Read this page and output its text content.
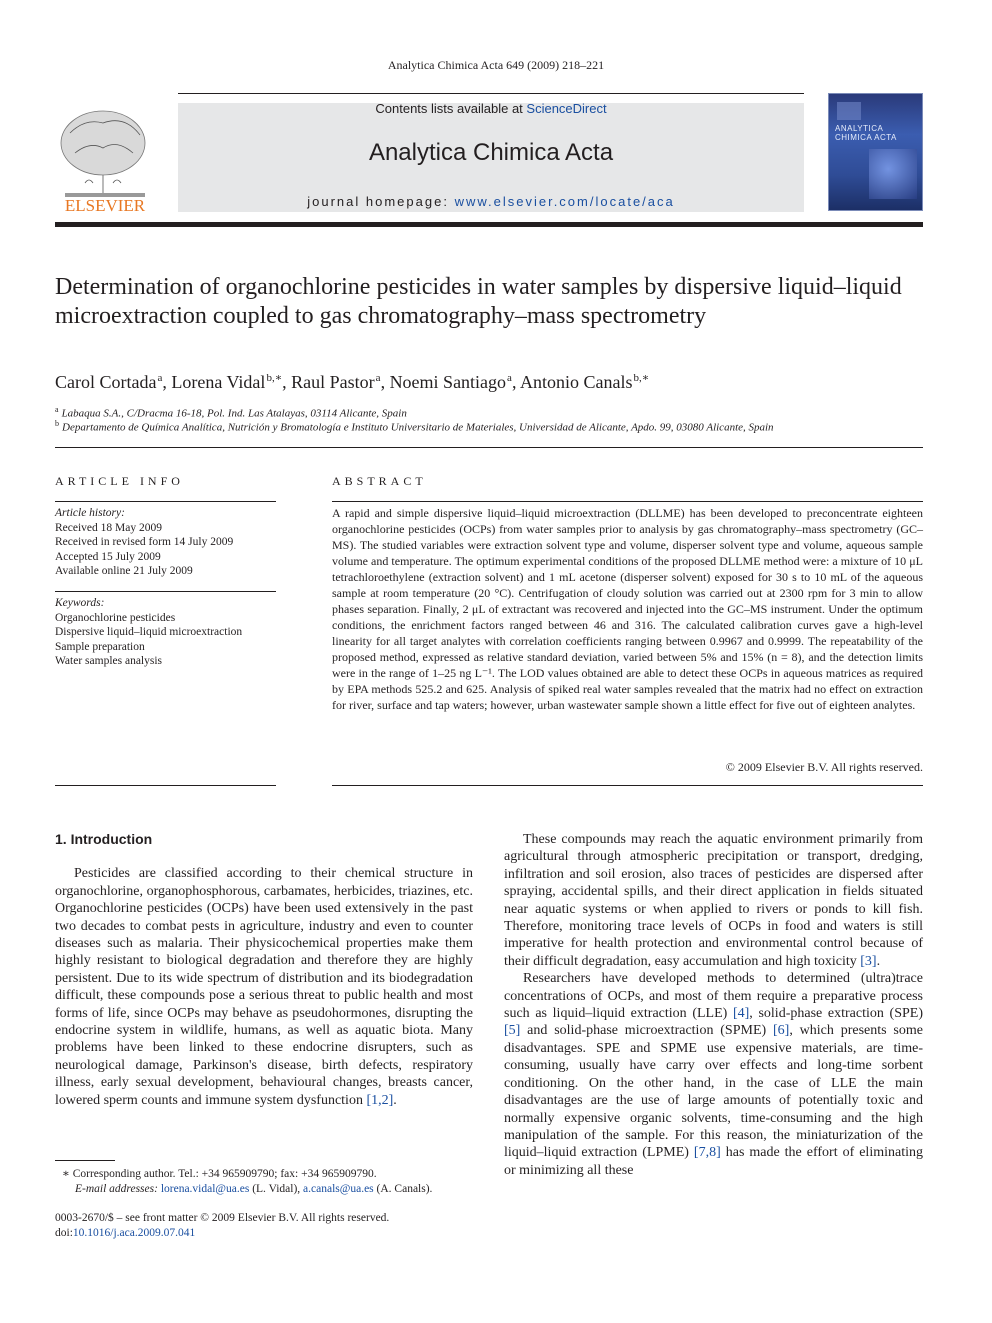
Analytica Chimica Acta 649 (2009) 218–221
ELSEVIER
Contents lists available at ScienceDirect
Analytica Chimica Acta
journal homepage: www.elsevier.com/locate/aca
ANALYTICA CHIMICA ACTA
Determination of organochlorine pesticides in water samples by dispersive liquid–liquid microextraction coupled to gas chromatography–mass spectrometry
Carol Cortada$^a$, Lorena Vidal$^{b,∗}$, Raul Pastor$^a$, Noemi Santiago$^a$, Antonio Canals$^{b,∗}$
$^a$ Labaqua S.A., C/Dracma 16-18, Pol. Ind. Las Atalayas, 03114 Alicante, Spain
$^b$ Departamento de Química Analítica, Nutrición y Bromatología e Instituto Universitario de Materiales, Universidad de Alicante, Apdo. 99, 03080 Alicante, Spain
ARTICLE INFO
Article history:
Received 18 May 2009
Received in revised form 14 July 2009
Accepted 15 July 2009
Available online 21 July 2009
Keywords:
Organochlorine pesticides
Dispersive liquid–liquid microextraction
Sample preparation
Water samples analysis
ABSTRACT
A rapid and simple dispersive liquid–liquid microextraction (DLLME) has been developed to preconcentrate eighteen organochlorine pesticides (OCPs) from water samples prior to analysis by gas chromatography–mass spectrometry (GC–MS). The studied variables were extraction solvent type and volume, disperser solvent type and volume, aqueous sample volume and temperature. The optimum experimental conditions of the proposed DLLME method were: a mixture of 10 μL tetrachloroethylene (extraction solvent) and 1 mL acetone (disperser solvent) exposed for 30 s to 10 mL of the aqueous sample at room temperature (20 °C). Centrifugation of cloudy solution was carried out at 2300 rpm for 3 min to allow phases separation. Finally, 2 μL of extractant was recovered and injected into the GC–MS instrument. Under the optimum conditions, the enrichment factors ranged between 46 and 316. The calculated calibration curves gave a high-level linearity for all target analytes with correlation coefficients ranging between 0.9967 and 0.9999. The repeatability of the proposed method, expressed as relative standard deviation, varied between 5% and 15% (n = 8), and the detection limits were in the range of 1–25 ng L⁻¹. The LOD values obtained are able to detect these OCPs in aqueous matrices as required by EPA methods 525.2 and 625. Analysis of spiked real water samples revealed that the matrix had no effect on extraction for river, surface and tap waters; however, urban wastewater sample shown a little effect for five out of eighteen analytes.
© 2009 Elsevier B.V. All rights reserved.
1. Introduction

Pesticides are classified according to their chemical structure in organochlorine, organophosphorous, carbamates, herbicides, triazines, etc. Organochlorine pesticides (OCPs) have been used extensively in the past two decades to combat pests in agriculture, industry and even to counter diseases such as malaria. Their physicochemical properties make them highly resistant to biological degradation and therefore they are highly persistent. Due to its wide spectrum of distribution and its biodegradation difficult, these compounds pose a serious threat to public health and most forms of life, since OCPs may behave as pseudohormones, disrupting the endocrine system in wildlife, humans, as well as aquatic biota. Many problems have been linked to these endocrine disrupters, such as neurological damage, Parkinson's disease, birth defects, respiratory illness, early sexual development, behavioural changes, breasts cancer, lowered sperm counts and immune system dysfunction [1,2].

These compounds may reach the aquatic environment primarily from agricultural through atmospheric precipitation or transport, dredging, infiltration and soil erosion, also traces of pesticides are dispersed after spraying, accidental spills, and their direct application in fields situated near aquatic systems or when applied to rivers or ponds to kill fish. Therefore, monitoring trace levels of OCPs in food and waters is still imperative for health protection and environmental control because of their difficult degradation, easy accumulation and high toxicity [3].

Researchers have developed methods to determined (ultra)trace concentrations of OCPs, and most of them require a preparative process such as liquid–liquid extraction (LLE) [4], solid-phase extraction (SPE) [5] and solid-phase microextraction (SPME) [6], which presents some disadvantages. SPE and SPME use expensive materials, are time-consuming, usually have carry over effects and long-time sorbent conditioning. On the other hand, in the case of LLE the main disadvantages are the use of large amounts of potentially toxic and normally expensive organic solvents, time-consuming and the high manipulation of the sample. For this reason, the miniaturization of the liquid–liquid extraction (LPME) [7,8] has made the effort of eliminating or minimizing all these

∗ Corresponding author. Tel.: +34 965909790; fax: +34 965909790.
E-mail addresses: lorena.vidal@ua.es (L. Vidal), a.canals@ua.es (A. Canals).
0003-2670/$ – see front matter © 2009 Elsevier B.V. All rights reserved.
doi:10.1016/j.aca.2009.07.041
